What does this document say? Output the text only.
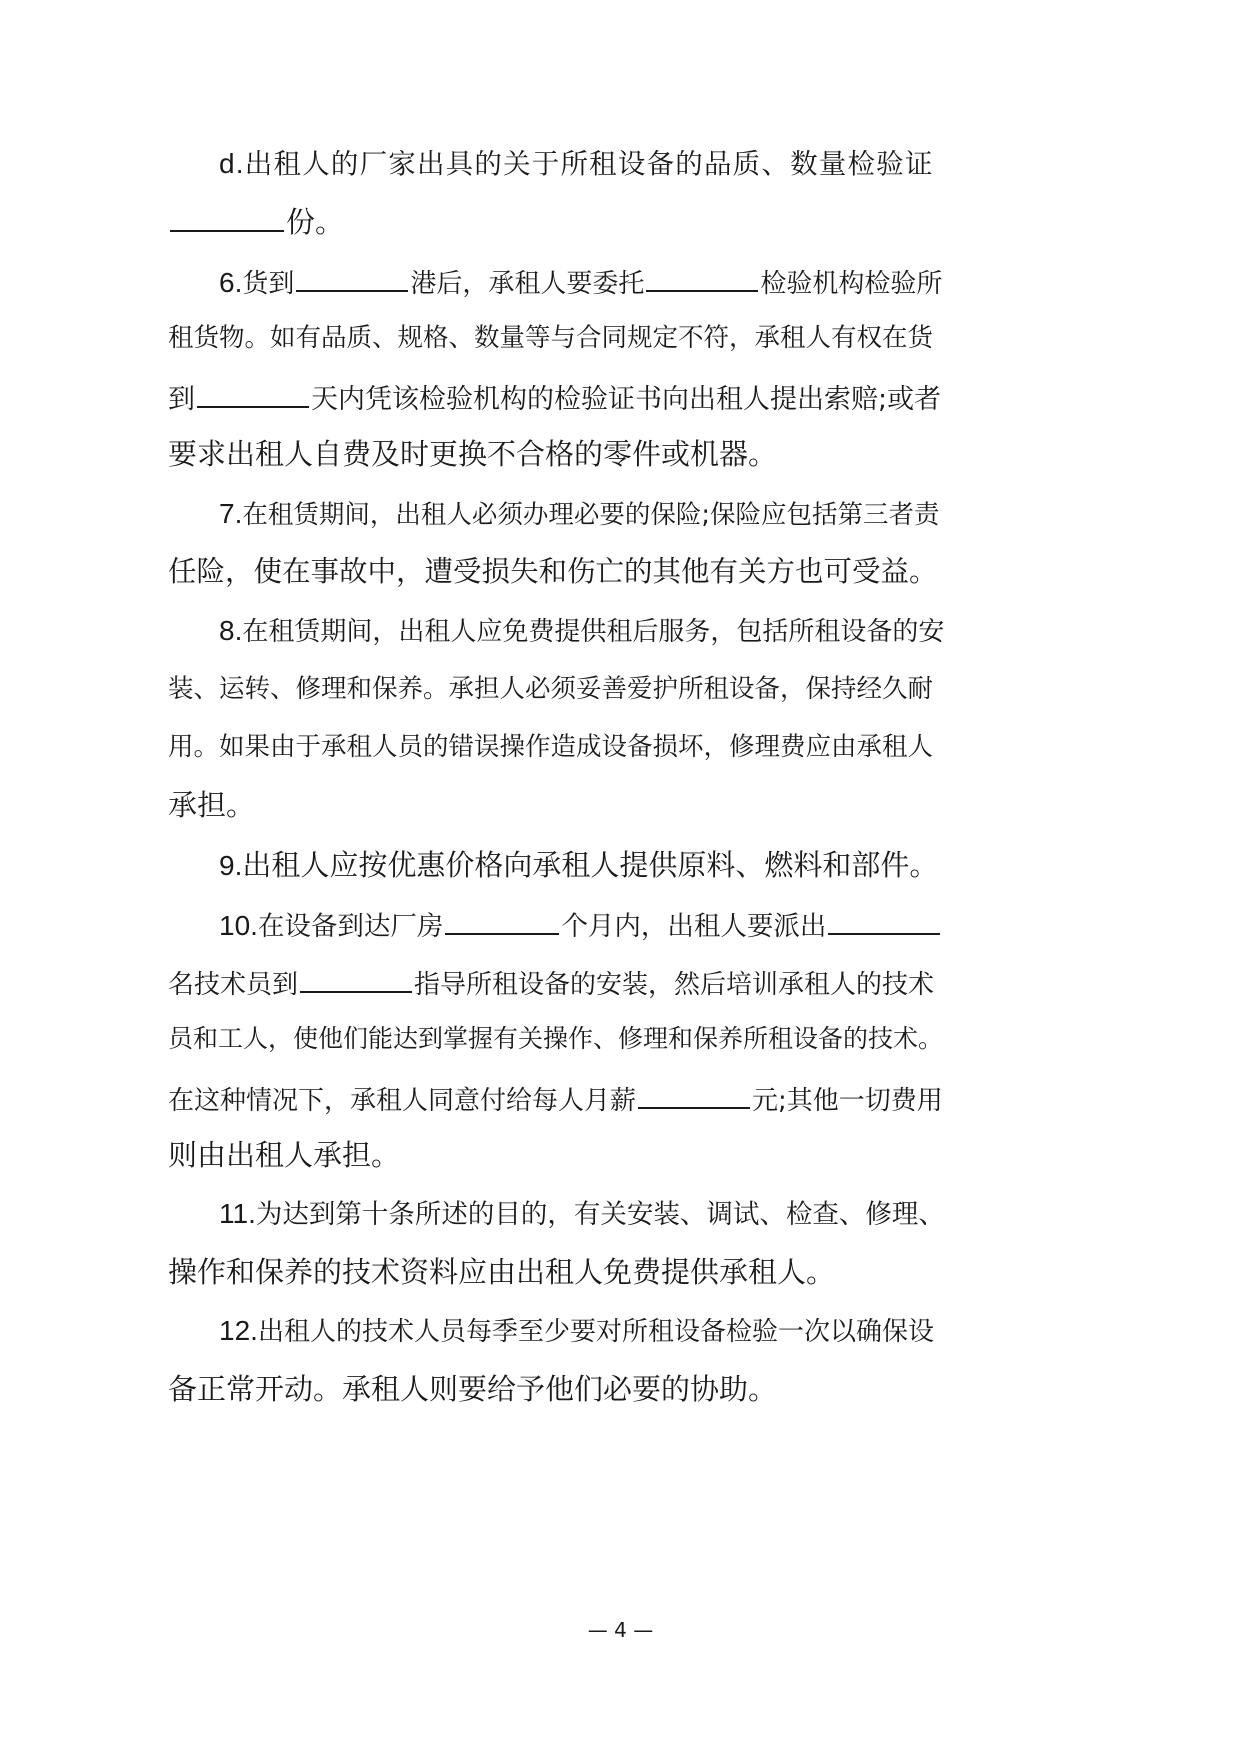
d.出租人的厂家出具的关于所租设备的品质、数量检验证
份。
6.货到	港后，承租人要委托	检验机构检验所
租货物。如有品质、规格、数量等与合同规定不符，承租人有权在货
到	天内凭该检验机构的检验证书向出租人提出索赔;或者
要求出租人自费及时更换不合格的零件或机器。
7.在租赁期间，出租人必须办理必要的保险;保险应包括第三者责
任险，使在事故中，遭受损失和伤亡的其他有关方也可受益。
8.在租赁期间，出租人应免费提供租后服务，包括所租设备的安
装、运转、修理和保养。承担人必须妥善爱护所租设备，保持经久耐
用。如果由于承租人员的错误操作造成设备损坏，修理费应由承租人
承担。
9.出租人应按优惠价格向承租人提供原料、燃料和部件。
10.在设备到达厂房	个月内，出租人要派出
名技术员到	指导所租设备的安装，然后培训承租人的技术
员和工人，使他们能达到掌握有关操作、修理和保养所租设备的技术。
在这种情况下，承租人同意付给每人月薪	元;其他一切费用
则由出租人承担。
11.为达到第十条所述的目的，有关安装、调试、检查、修理、
操作和保养的技术资料应由出租人免费提供承租人。
12.出租人的技术人员每季至少要对所租设备检验一次以确保设
备正常开动。承租人则要给予他们必要的协助。
— 4 —
